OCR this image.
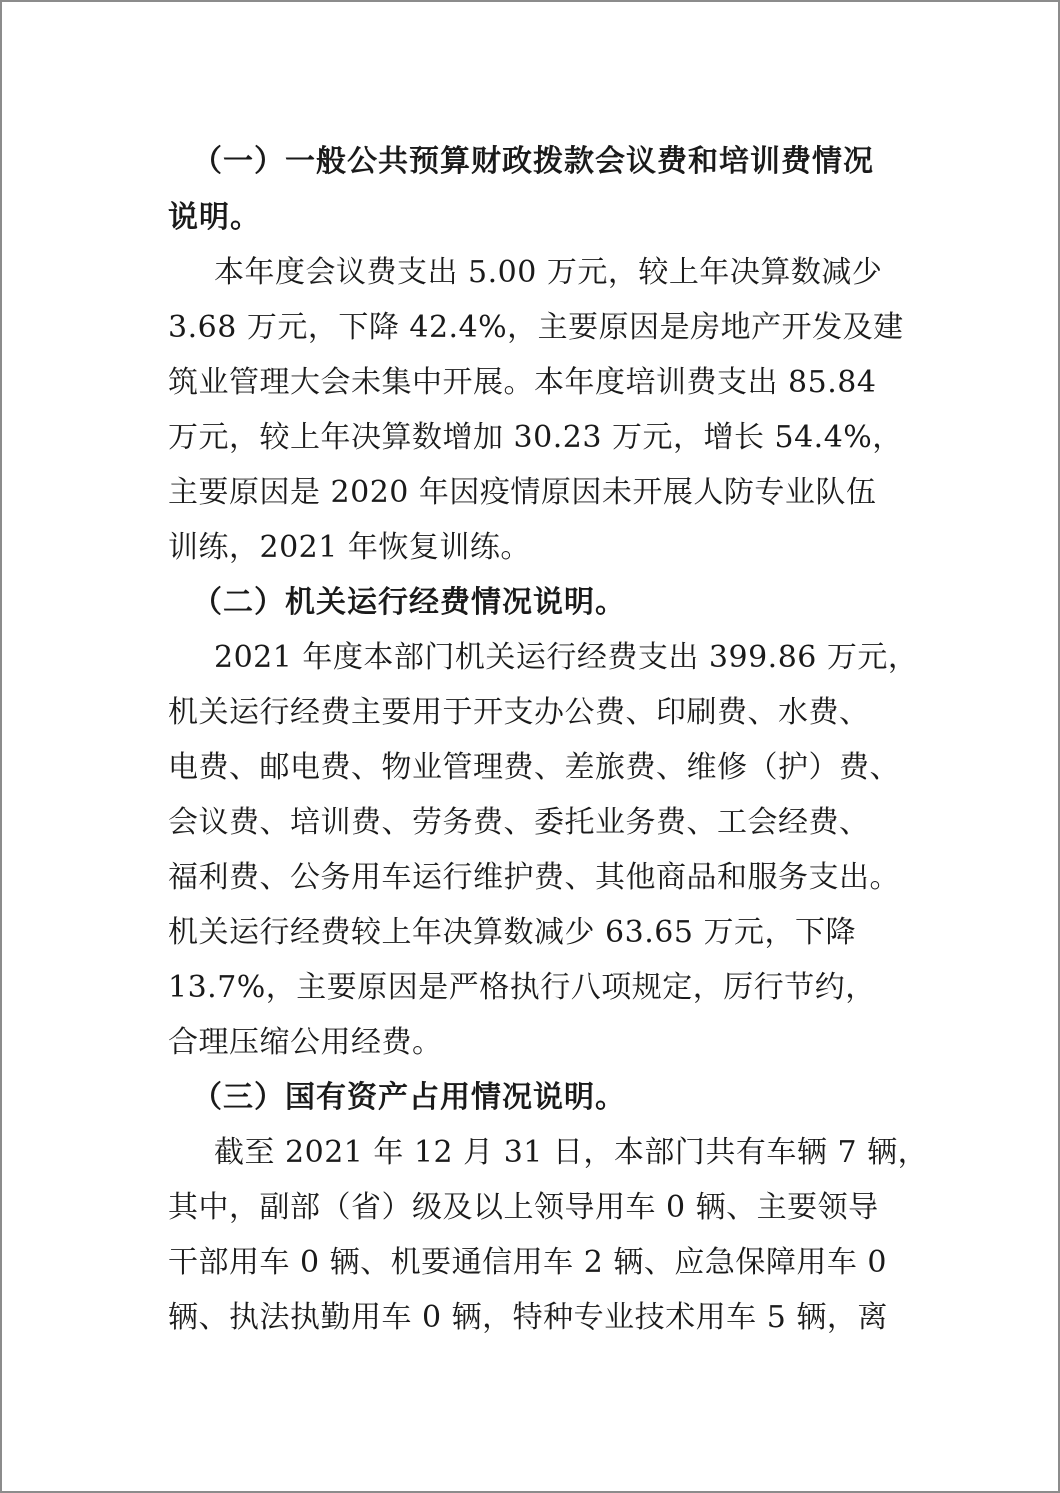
（一）一般公共预算财政拨款会议费和培训费情况
说明。
本年度会议费支出 5.00 万元，较上年决算数减少
3.68 万元，下降 42.4%，主要原因是房地产开发及建
筑业管理大会未集中开展。本年度培训费支出 85.84
万元，较上年决算数增加 30.23 万元，增长 54.4%，
主要原因是 2020 年因疫情原因未开展人防专业队伍
训练，2021 年恢复训练。
（二）机关运行经费情况说明。
2021 年度本部门机关运行经费支出 399.86 万元，
机关运行经费主要用于开支办公费、印刷费、水费、
电费、邮电费、物业管理费、差旅费、维修（护）费、
会议费、培训费、劳务费、委托业务费、工会经费、
福利费、公务用车运行维护费、其他商品和服务支出。
机关运行经费较上年决算数减少 63.65 万元，下降
13.7%，主要原因是严格执行八项规定，厉行节约，
合理压缩公用经费。
（三）国有资产占用情况说明。
截至 2021 年 12 月 31 日，本部门共有车辆 7 辆，
其中，副部（省）级及以上领导用车 0 辆、主要领导
干部用车 0 辆、机要通信用车 2 辆、应急保障用车 0
辆、执法执勤用车 0 辆，特种专业技术用车 5 辆，离
